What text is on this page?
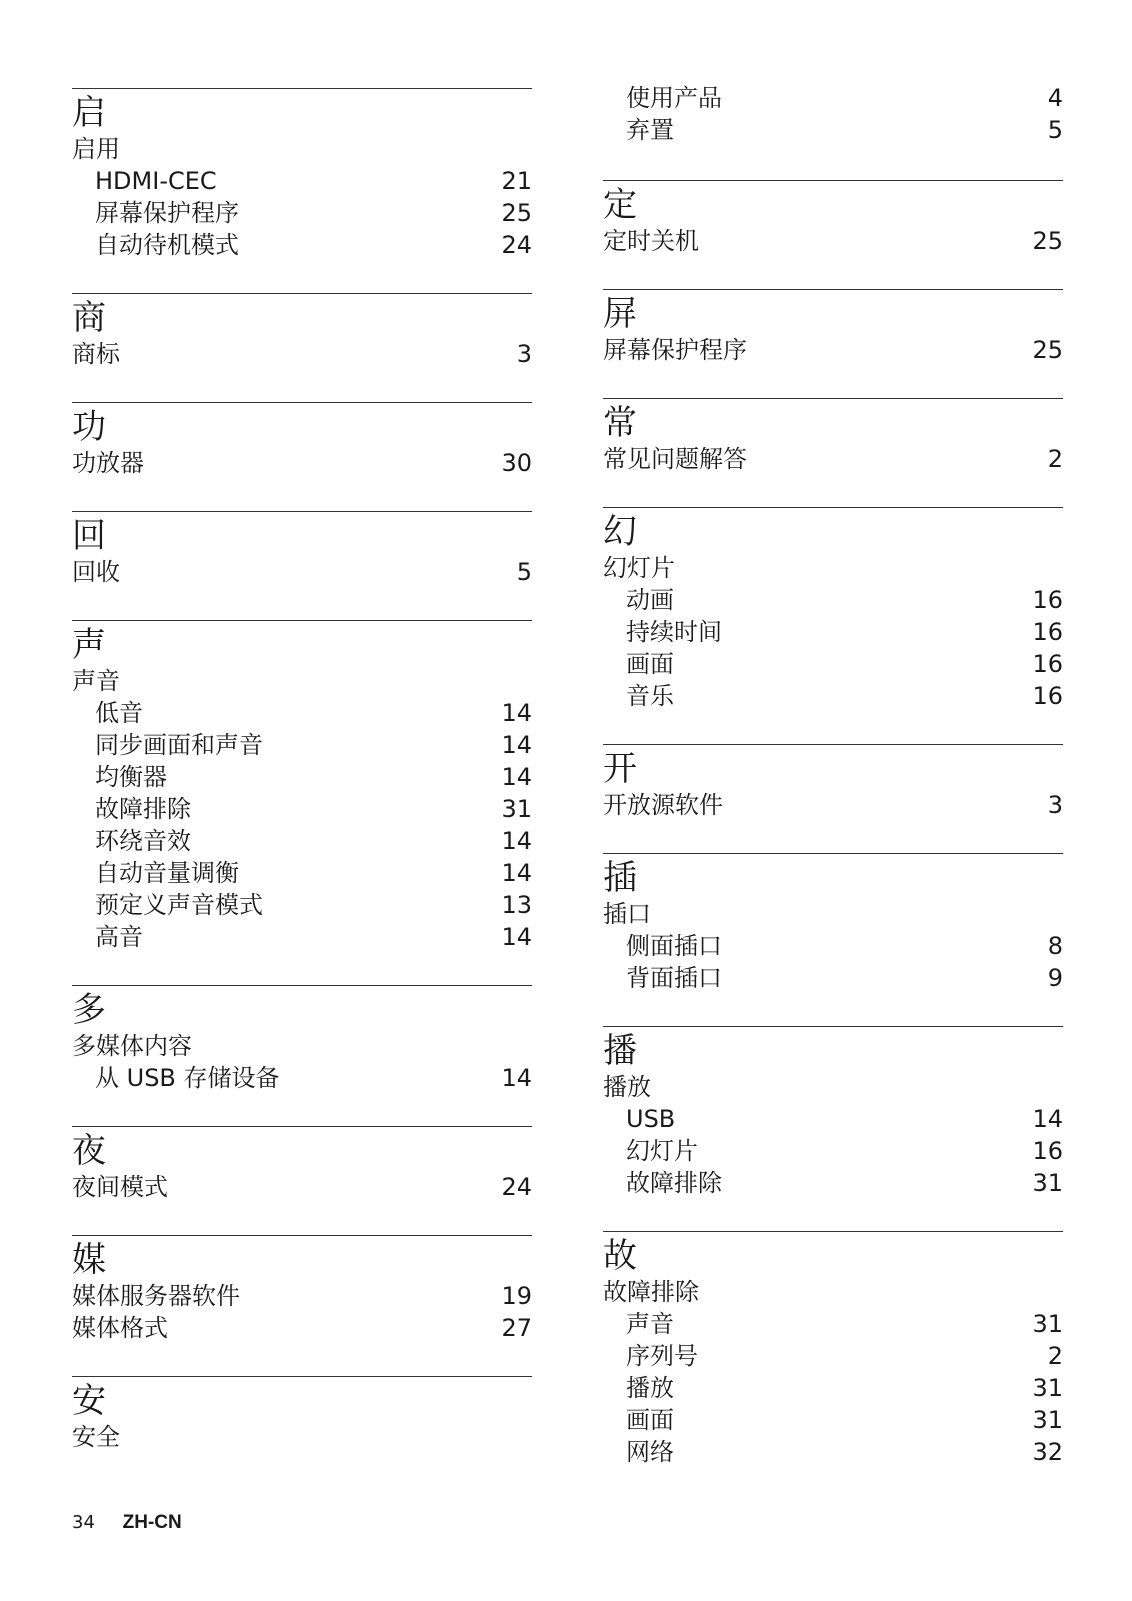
启
启用
HDMI-CEC	21
屏幕保护程序	25
自动待机模式	24
商
商标	3
功
功放器	30
回
回收	5
声
声音
低音	14
同步画面和声音	14
均衡器	14
故障排除	31
环绕音效	14
自动音量调衡	14
预定义声音模式	13
高音	14
多
多媒体内容
从 USB 存储设备	14
夜
夜间模式	24
媒
媒体服务器软件	19
媒体格式	27
安
安全
使用产品	4
弃置	5
定
定时关机	25
屏
屏幕保护程序	25
常
常见问题解答	2
幻
幻灯片
动画	16
持续时间	16
画面	16
音乐	16
开
开放源软件	3
插
插口
侧面插口	8
背面插口	9
播
播放
USB	14
幻灯片	16
故障排除	31
故
故障排除
声音	31
序列号	2
播放	31
画面	31
网络	32
34 ZH-CN
